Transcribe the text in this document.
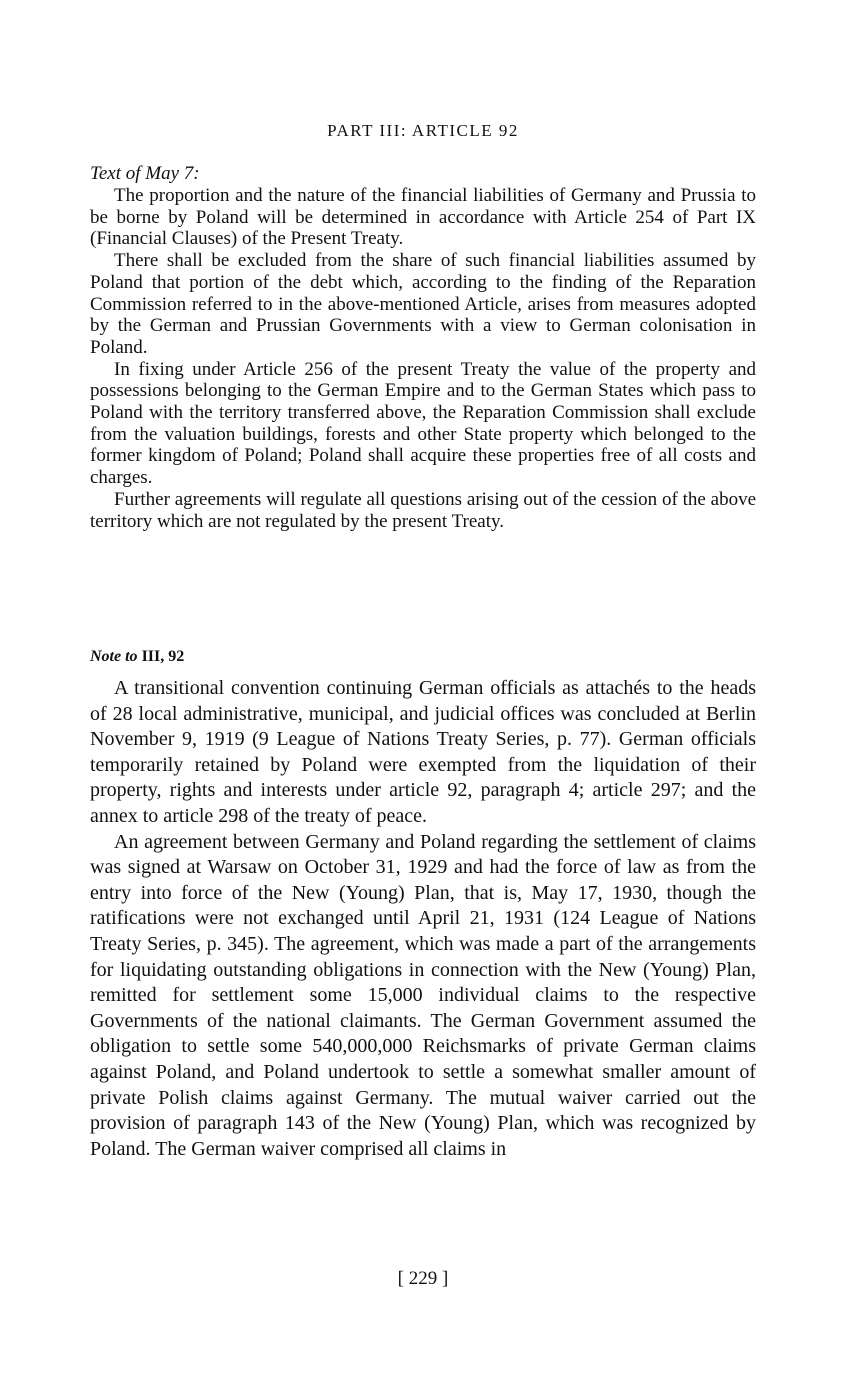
PART III: ARTICLE 92
Text of May 7:

The proportion and the nature of the financial liabilities of Germany and Prussia to be borne by Poland will be determined in accordance with Article 254 of Part IX (Financial Clauses) of the Present Treaty.

There shall be excluded from the share of such financial liabilities assumed by Poland that portion of the debt which, according to the finding of the Reparation Commission referred to in the above-mentioned Article, arises from measures adopted by the German and Prussian Governments with a view to German colonisation in Poland.

In fixing under Article 256 of the present Treaty the value of the property and possessions belonging to the German Empire and to the German States which pass to Poland with the territory transferred above, the Reparation Commission shall exclude from the valuation buildings, forests and other State property which belonged to the former kingdom of Poland; Poland shall acquire these properties free of all costs and charges.

Further agreements will regulate all questions arising out of the cession of the above territory which are not regulated by the present Treaty.

Note to III, 92

A transitional convention continuing German officials as attachés to the heads of 28 local administrative, municipal, and judicial offices was concluded at Berlin November 9, 1919 (9 League of Nations Treaty Series, p. 77). German officials temporarily retained by Poland were exempted from the liquidation of their property, rights and interests under article 92, paragraph 4; article 297; and the annex to article 298 of the treaty of peace.

An agreement between Germany and Poland regarding the settlement of claims was signed at Warsaw on October 31, 1929 and had the force of law as from the entry into force of the New (Young) Plan, that is, May 17, 1930, though the ratifications were not exchanged until April 21, 1931 (124 League of Nations Treaty Series, p. 345). The agreement, which was made a part of the arrangements for liquidating outstanding obligations in connection with the New (Young) Plan, remitted for settlement some 15,000 individual claims to the respective Governments of the national claimants. The German Government assumed the obligation to settle some 540,000,000 Reichsmarks of private German claims against Poland, and Poland undertook to settle a somewhat smaller amount of private Polish claims against Germany. The mutual waiver carried out the provision of paragraph 143 of the New (Young) Plan, which was recognized by Poland. The German waiver comprised all claims in

[ 229 ]
